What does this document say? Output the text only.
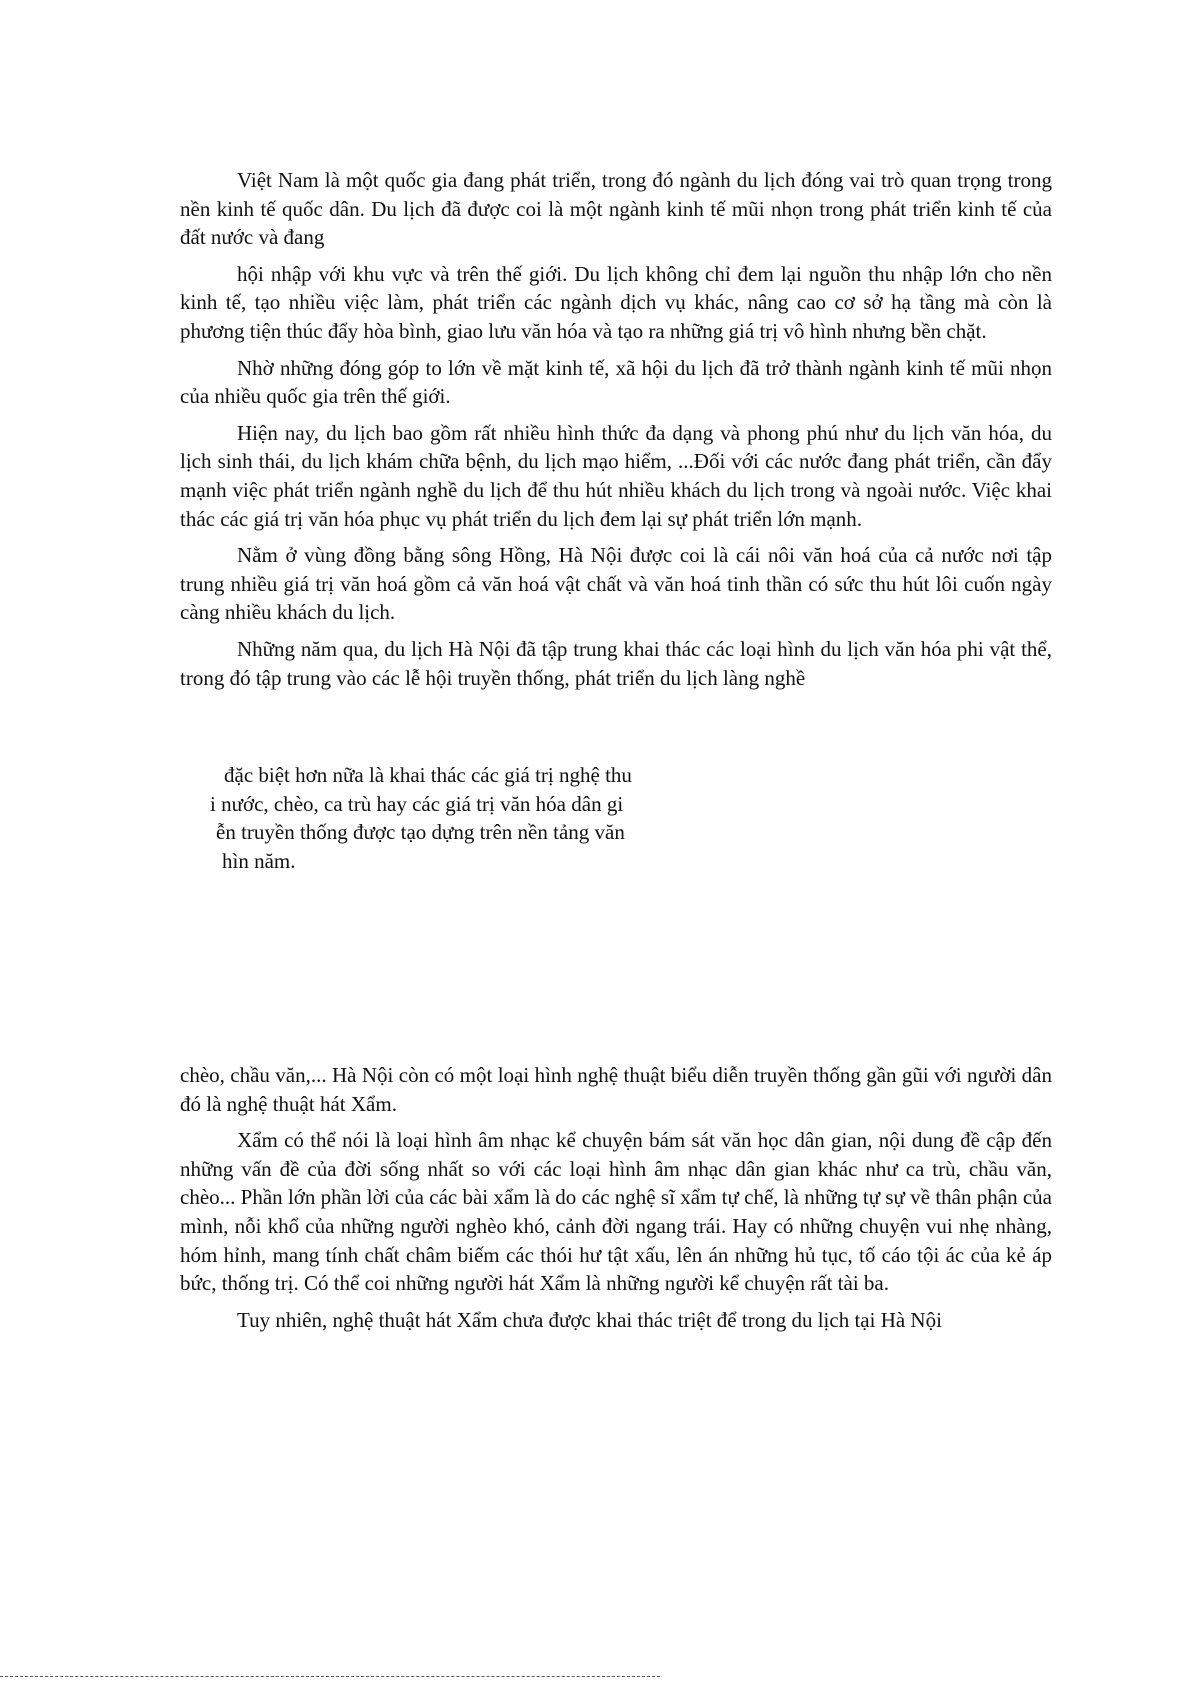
Việt Nam là một quốc gia đang phát triển, trong đó ngành du lịch đóng vai trò quan trọng trong nền kinh tế quốc dân. Du lịch đã được coi là một ngành kinh tế mũi nhọn trong phát triển kinh tế của đất nước và đang

hội nhập với khu vực và trên thế giới. Du lịch không chỉ đem lại nguồn thu nhập lớn cho nền kinh tế, tạo nhiều việc làm, phát triển các ngành dịch vụ khác, nâng cao cơ sở hạ tầng mà còn là phương tiện thúc đẩy hòa bình, giao lưu văn hóa và tạo ra những giá trị vô hình nhưng bền chặt.

Nhờ những đóng góp to lớn về mặt kinh tế, xã hội du lịch đã trở thành ngành kinh tế mũi nhọn của nhiều quốc gia trên thế giới.

Hiện nay, du lịch bao gồm rất nhiều hình thức đa dạng và phong phú như du lịch văn hóa, du lịch sinh thái, du lịch khám chữa bệnh, du lịch mạo hiểm, ...Đối với các nước đang phát triển, cần đẩy mạnh việc phát triển ngành nghề du lịch để thu hút nhiều khách du lịch trong và ngoài nước. Việc khai thác các giá trị văn hóa phục vụ phát triển du lịch đem lại sự phát triển lớn mạnh.

Nằm ở vùng đồng bằng sông Hồng, Hà Nội được coi là cái nôi văn hoá của cả nước nơi tập trung nhiều giá trị văn hoá gồm cả văn hoá vật chất và văn hoá tinh thần có sức thu hút lôi cuốn ngày càng nhiều khách du lịch.

Những năm qua, du lịch Hà Nội đã tập trung khai thác các loại hình du lịch văn hóa phi vật thể, trong đó tập trung vào các lễ hội truyền thống, phát triển du lịch làng nghề

đặc biệt hơn nữa là khai thác các giá trị nghệ thu
i nước, chèo, ca trù hay các giá trị văn hóa dân gi
ễn truyền thống được tạo dựng trên nền tảng văn
hìn năm.

chèo, chầu văn,... Hà Nội còn có một loại hình nghệ thuật biểu diễn truyền thống gần gũi với người dân đó là nghệ thuật hát Xẩm.

Xẩm có thể nói là loại hình âm nhạc kể chuyện bám sát văn học dân gian, nội dung đề cập đến những vấn đề của đời sống nhất so với các loại hình âm nhạc dân gian khác như ca trù, chầu văn, chèo... Phần lớn phần lời của các bài xẩm là do các nghệ sĩ xẩm tự chế, là những tự sự về thân phận của mình, nỗi khổ của những người nghèo khó, cảnh đời ngang trái. Hay có những chuyện vui nhẹ nhàng, hóm hỉnh, mang tính chất châm biếm các thói hư tật xấu, lên án những hủ tục, tố cáo tội ác của kẻ áp bức, thống trị. Có thể coi những người hát Xẩm là những người kể chuyện rất tài ba.

Tuy nhiên, nghệ thuật hát Xẩm chưa được khai thác triệt để trong du lịch tại Hà Nội
